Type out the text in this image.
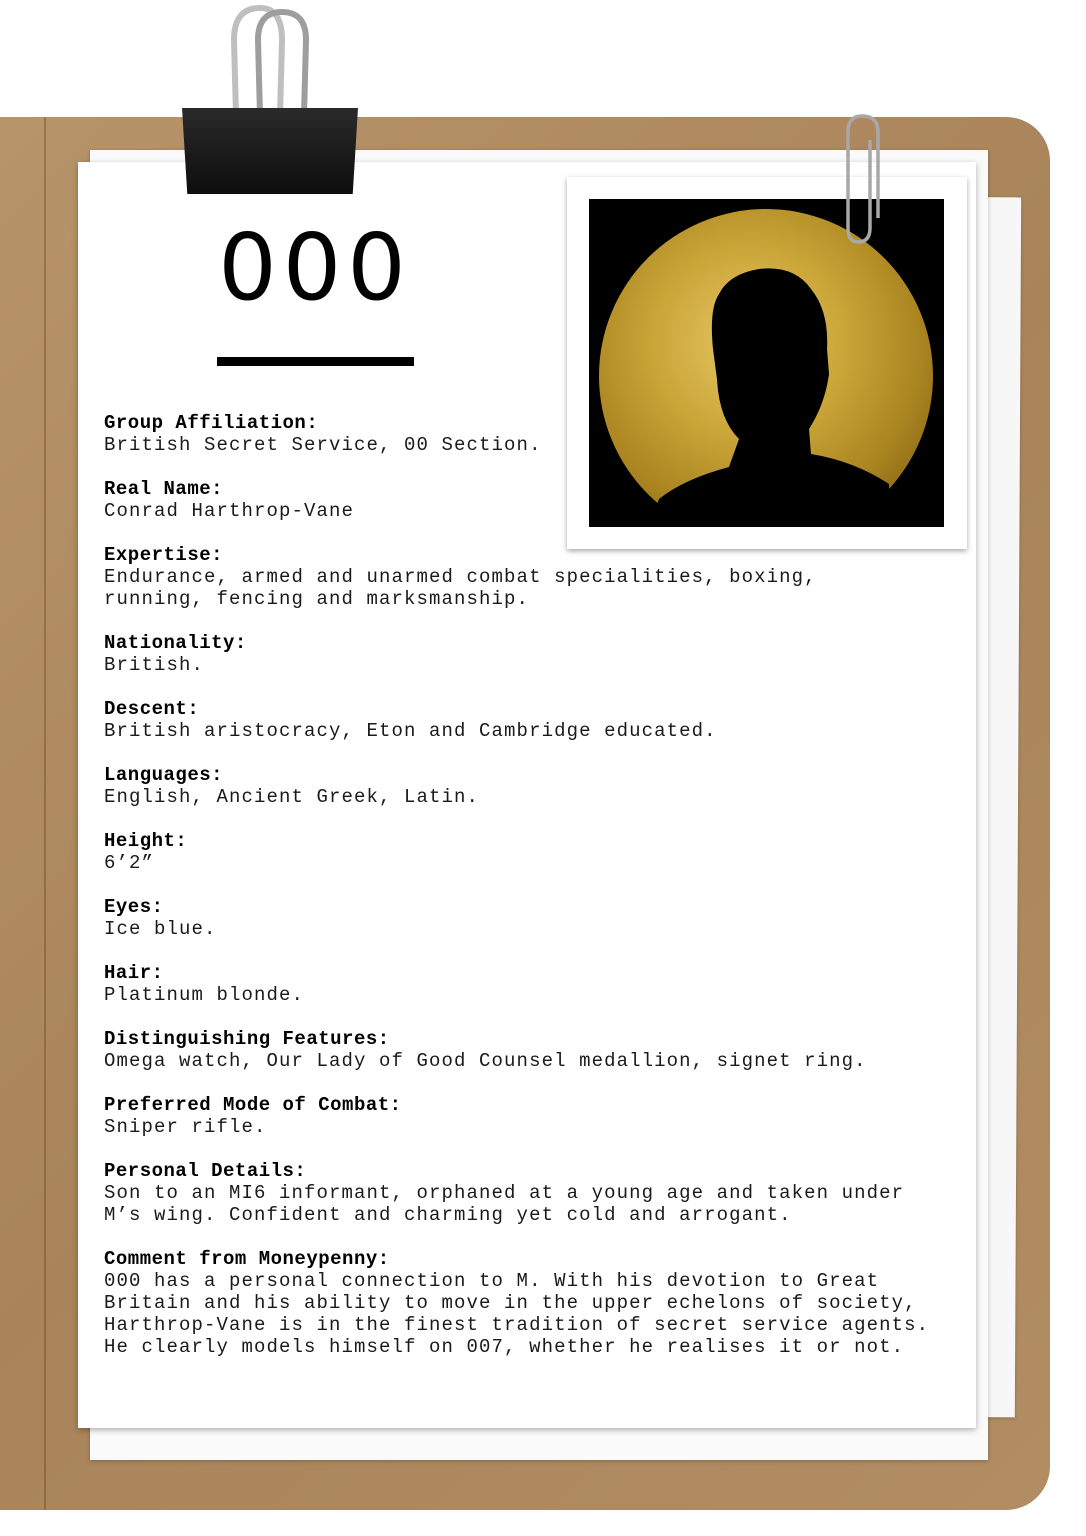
000
Group Affiliation:
British Secret Service, 00 Section.
Real Name:
Conrad Harthrop-Vane
Expertise:
Endurance, armed and unarmed combat specialities, boxing,
running, fencing and marksmanship.
Nationality:
British.
Descent:
British aristocracy, Eton and Cambridge educated.
Languages:
English, Ancient Greek, Latin.
Height:
6’2”
Eyes:
Ice blue.
Hair:
Platinum blonde.
Distinguishing Features:
Omega watch, Our Lady of Good Counsel medallion, signet ring.
Preferred Mode of Combat:
Sniper rifle.
Personal Details:
Son to an MI6 informant, orphaned at a young age and taken under
M’s wing. Confident and charming yet cold and arrogant.
Comment from Moneypenny:
000 has a personal connection to M. With his devotion to Great
Britain and his ability to move in the upper echelons of society,
Harthrop-Vane is in the finest tradition of secret service agents.
He clearly models himself on 007, whether he realises it or not.
